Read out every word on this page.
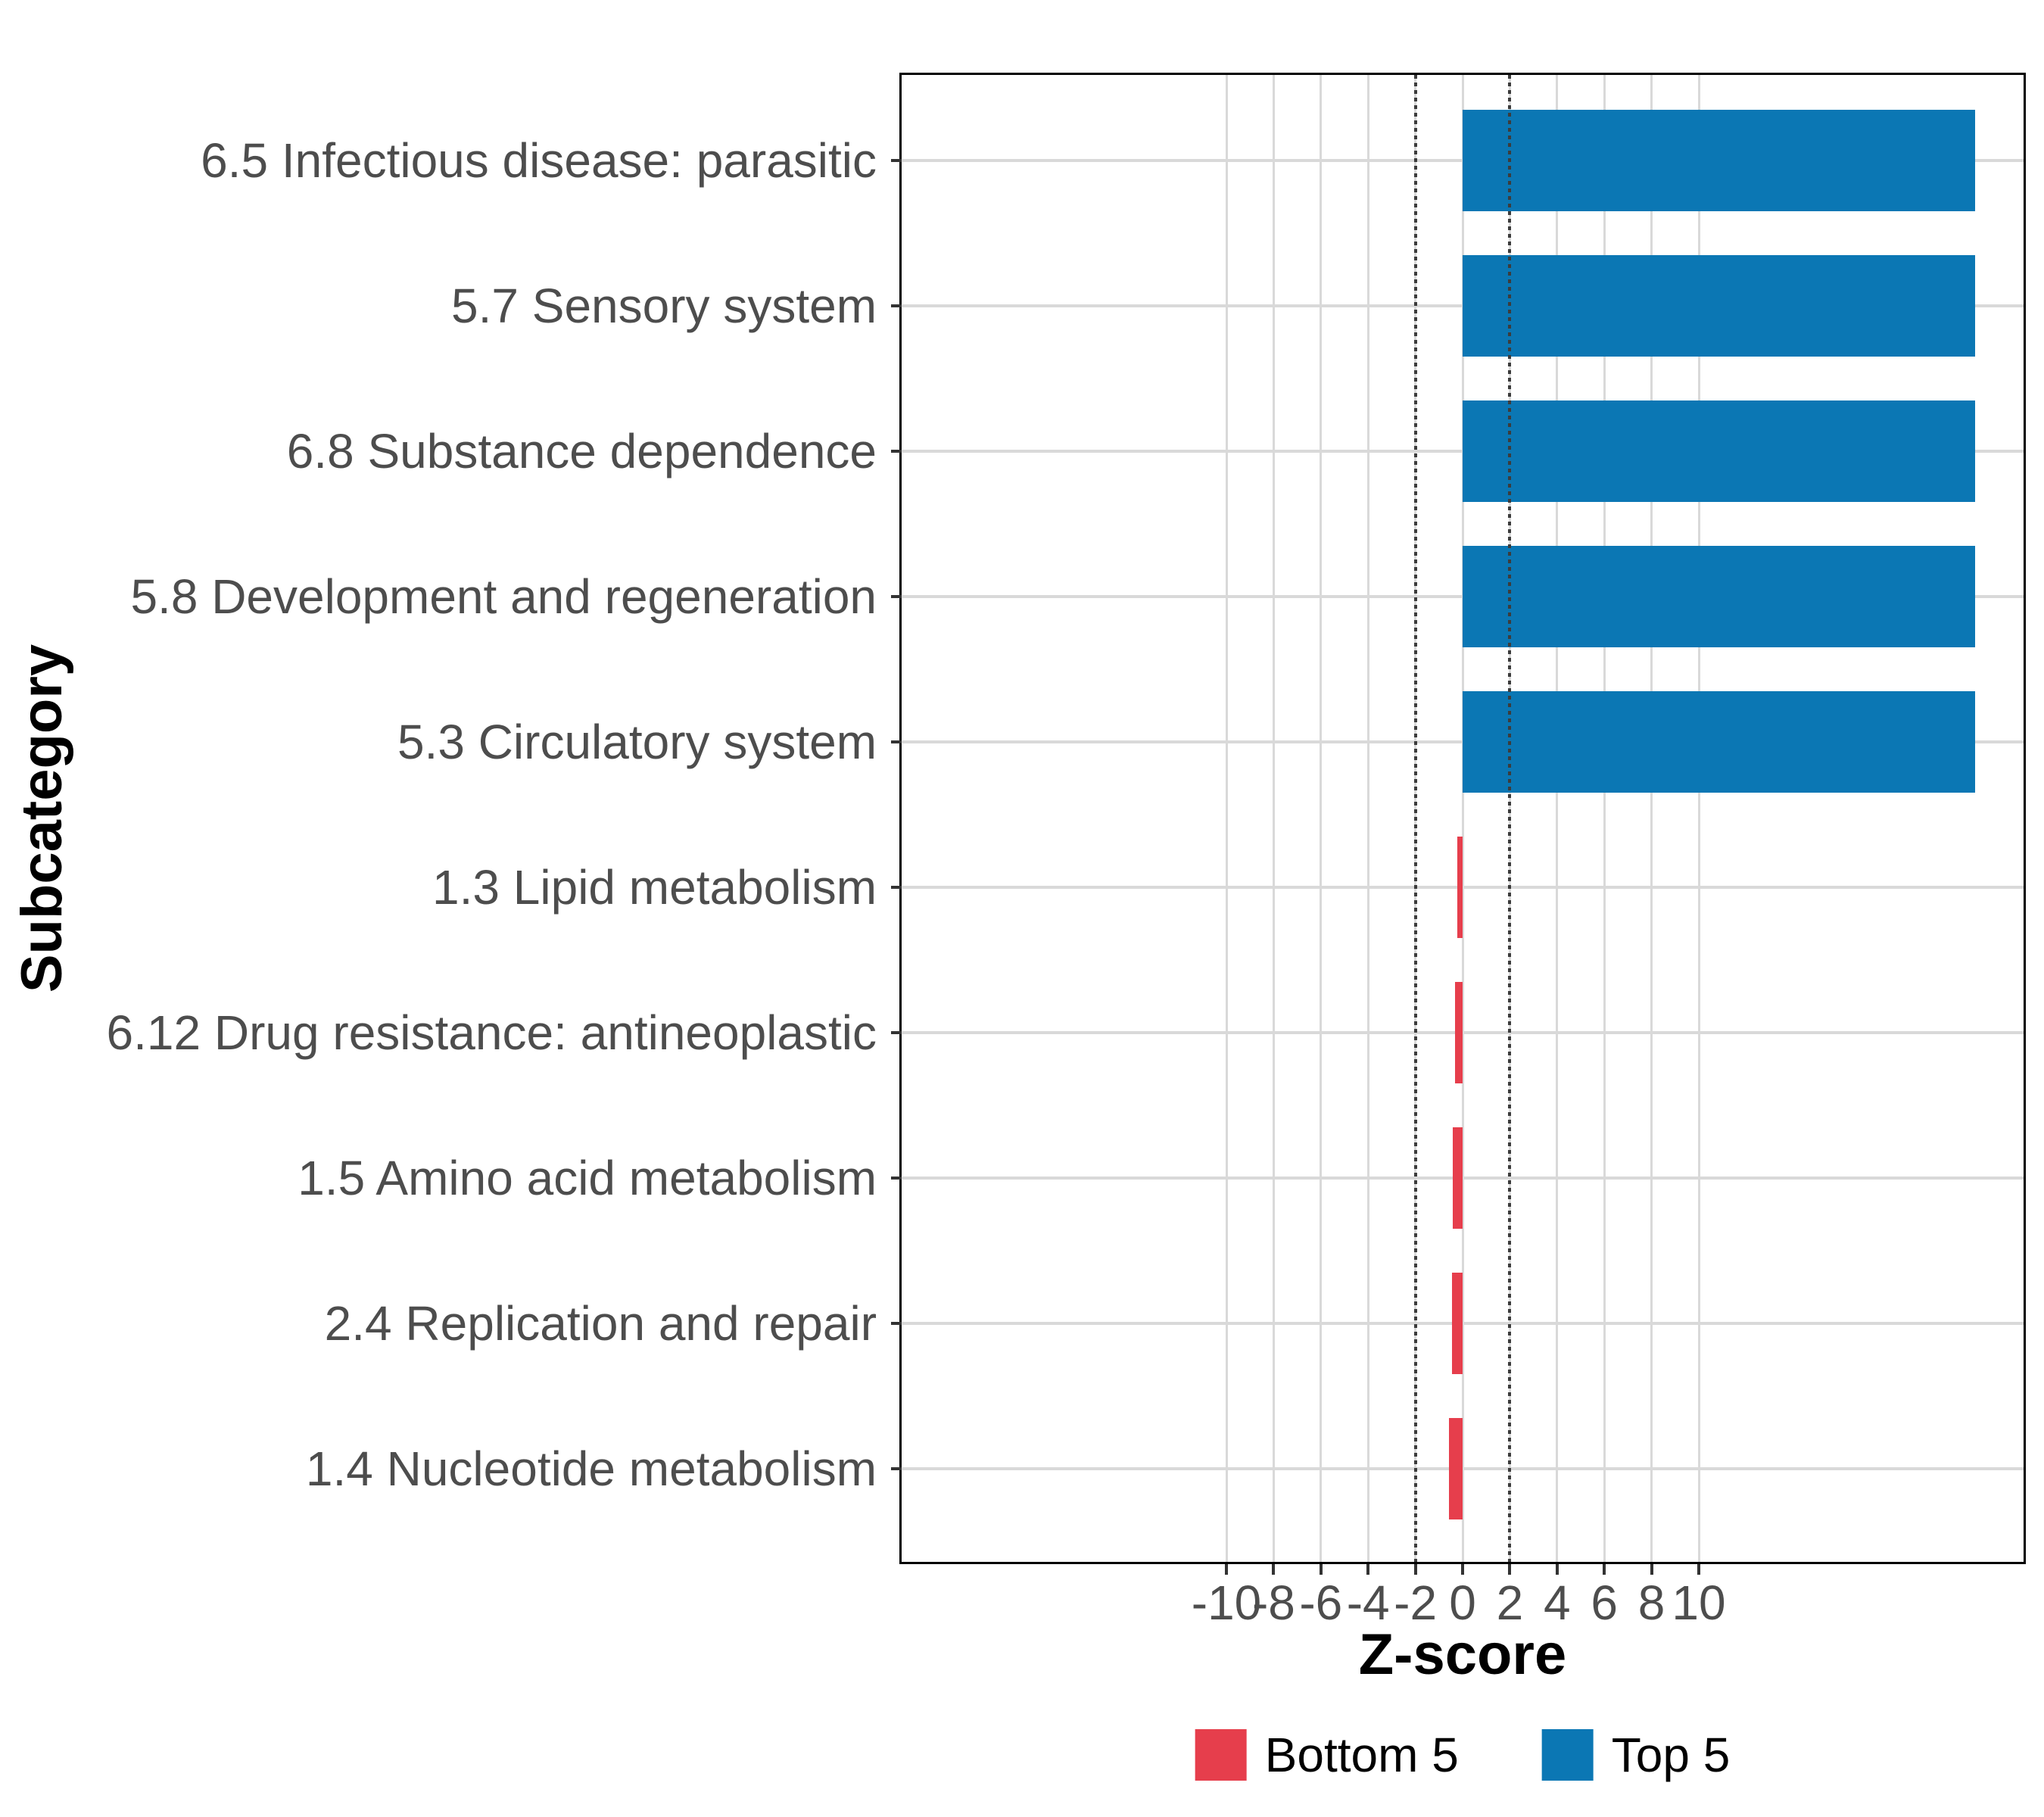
6.5 Infectious disease: parasitic
5.7 Sensory system
6.8 Substance dependence
5.8 Development and regeneration
5.3 Circulatory system
1.3 Lipid metabolism
6.12 Drug resistance: antineoplastic
1.5 Amino acid metabolism
2.4 Replication and repair
1.4 Nucleotide metabolism
-10
-8 -6 -4 -2 0 2 4 6 8 10
Z-score
Subcategory
Bottom 5	Top 5
